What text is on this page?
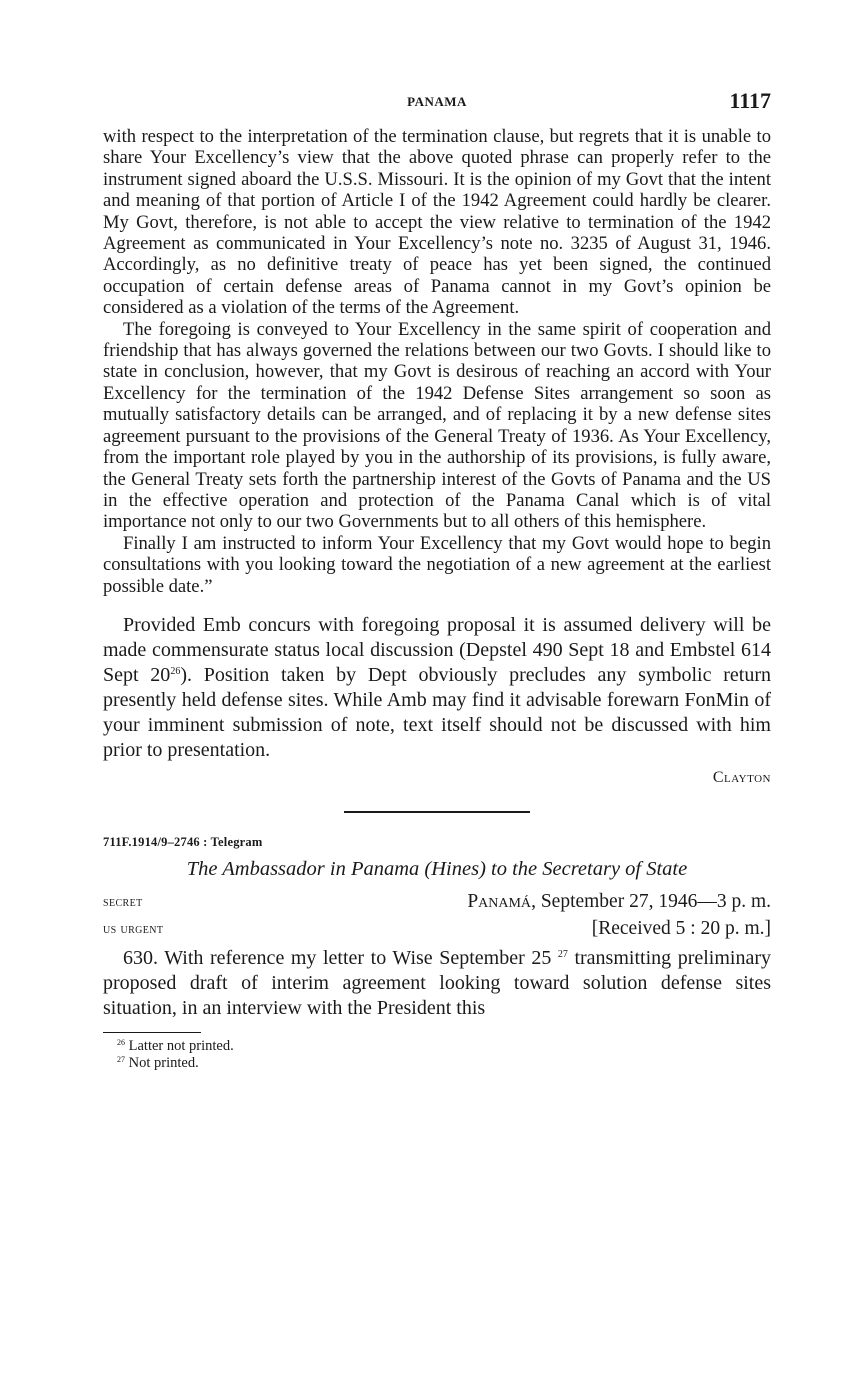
PANAMA	1117

with respect to the interpretation of the termination clause, but regrets that it is unable to share Your Excellency’s view that the above quoted phrase can properly refer to the instrument signed aboard the U.S.S. Missouri. It is the opinion of my Govt that the intent and meaning of that portion of Article I of the 1942 Agreement could hardly be clearer. My Govt, therefore, is not able to accept the view relative to termination of the 1942 Agreement as communicated in Your Excellency’s note no. 3235 of August 31, 1946. Accordingly, as no definitive treaty of peace has yet been signed, the continued occupation of certain defense areas of Panama cannot in my Govt’s opinion be considered as a violation of the terms of the Agreement.

The foregoing is conveyed to Your Excellency in the same spirit of cooperation and friendship that has always governed the relations between our two Govts. I should like to state in conclusion, however, that my Govt is desirous of reaching an accord with Your Excellency for the termination of the 1942 Defense Sites arrangement so soon as mutually satisfactory details can be arranged, and of replacing it by a new defense sites agreement pursuant to the provisions of the General Treaty of 1936. As Your Excellency, from the important role played by you in the authorship of its provisions, is fully aware, the General Treaty sets forth the partnership interest of the Govts of Panama and the US in the effective operation and protection of the Panama Canal which is of vital importance not only to our two Governments but to all others of this hemisphere.

Finally I am instructed to inform Your Excellency that my Govt would hope to begin consultations with you looking toward the negotiation of a new agreement at the earliest possible date.”

Provided Emb concurs with foregoing proposal it is assumed delivery will be made commensurate status local discussion (Depstel 490 Sept 18 and Embstel 614 Sept $20^{26}$). Position taken by Dept obviously precludes any symbolic return presently held defense sites. While Amb may find it advisable forewarn FonMin of your imminent submission of note, text itself should not be discussed with him prior to presentation.

Clayton
711F.1914/9–2746 : Telegram
The Ambassador in Panama (Hines) to the Secretary of State
secret	Panamá, September 27, 1946—3 p. m.
us urgent	[Received 5 : 20 p. m.]

630. With reference my letter to Wise September 25 $^{27}$ transmitting preliminary proposed draft of interim agreement looking toward solution defense sites situation, in an interview with the President this

$^{26}$ Latter not printed.
$^{27}$ Not printed.
